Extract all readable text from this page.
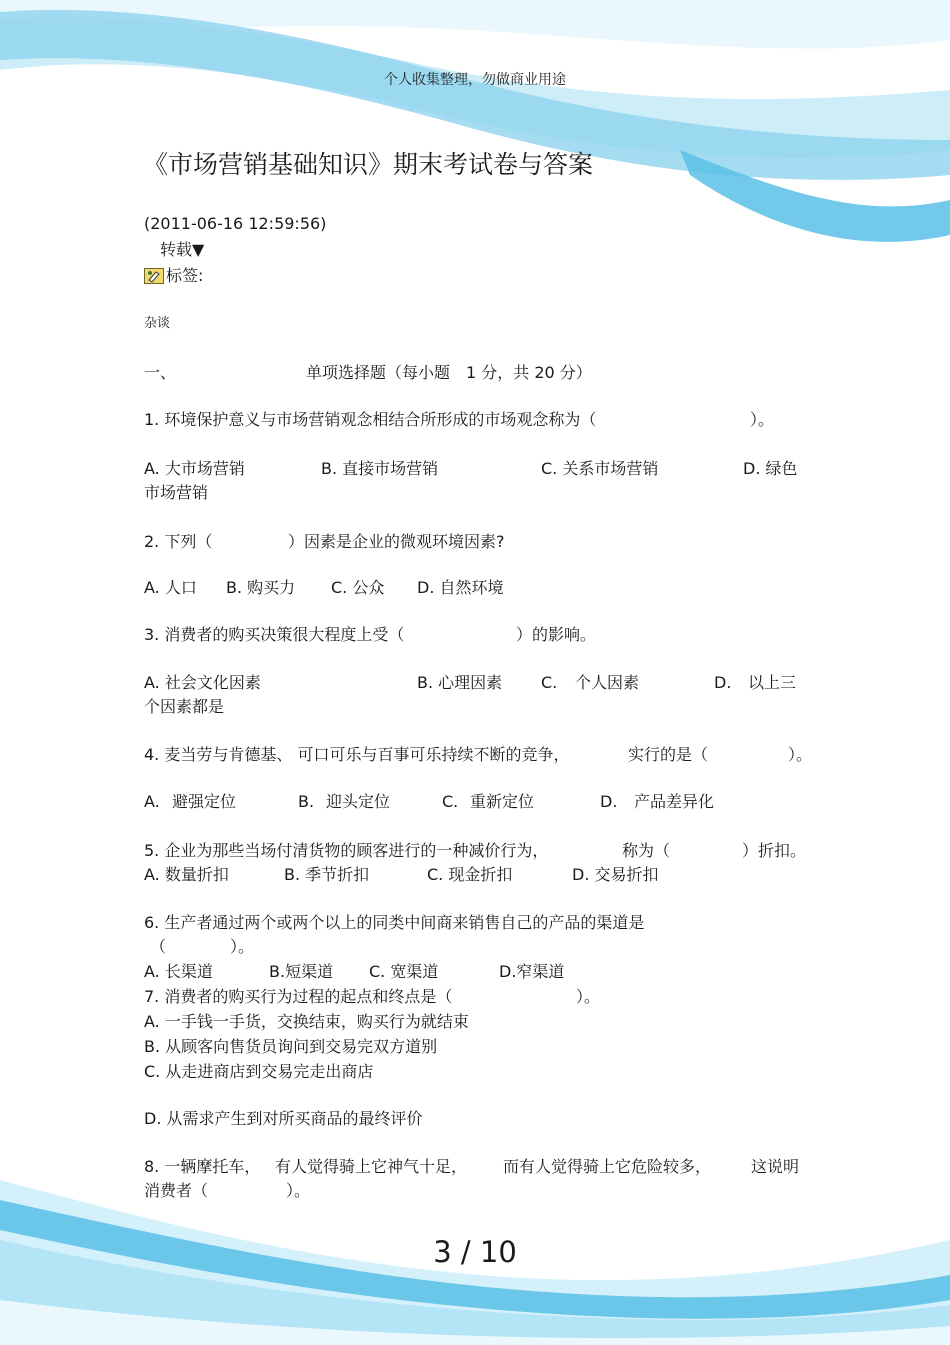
个人收集整理，勿做商业用途
《市场营销基础知识》期末考试卷与答案
(2011-06-16 12:59:56)
转载▼
标签:
杂谈
一、	单项选择题（每小题　1 分，共 20 分）
1. 环境保护意义与市场营销观念相结合所形成的市场观念称为（	）。
A. 大市场营销	B. 直接市场营销	C. 关系市场营销	D. 绿色
市场营销
2. 下列（	）因素是企业的微观环境因素?
A. 人口	B. 购买力	C. 公众	D. 自然环境
3. 消费者的购买决策很大程度上受（	）的影响。
A. 社会文化因素	B. 心理因素	C.	个人因素	D.	以上三
个因素都是
4. 麦当劳与肯德基、 可口可乐与百事可乐持续不断的竞争，	实行的是（	）。
A. 避强定位	B. 迎头定位	C. 重新定位	D.	产品差异化
5. 企业为那些当场付清货物的顾客进行的一种减价行为，	称为（	）折扣。
A. 数量折扣	B. 季节折扣	C. 现金折扣	D. 交易折扣
6. 生产者通过两个或两个以上的同类中间商来销售自己的产品的渠道是
（	）。
A. 长渠道	B.短渠道	C. 宽渠道	D.窄渠道
7. 消费者的购买行为过程的起点和终点是（	）。
A. 一手钱一手货，交换结束，购买行为就结束
B. 从顾客向售货员询问到交易完双方道别
C. 从走进商店到交易完走出商店
D. 从需求产生到对所买商品的最终评价
8. 一辆摩托车， 有人觉得骑上它神气十足，	而有人觉得骑上它危险较多，	这说明
消费者（	）。
3 / 10
